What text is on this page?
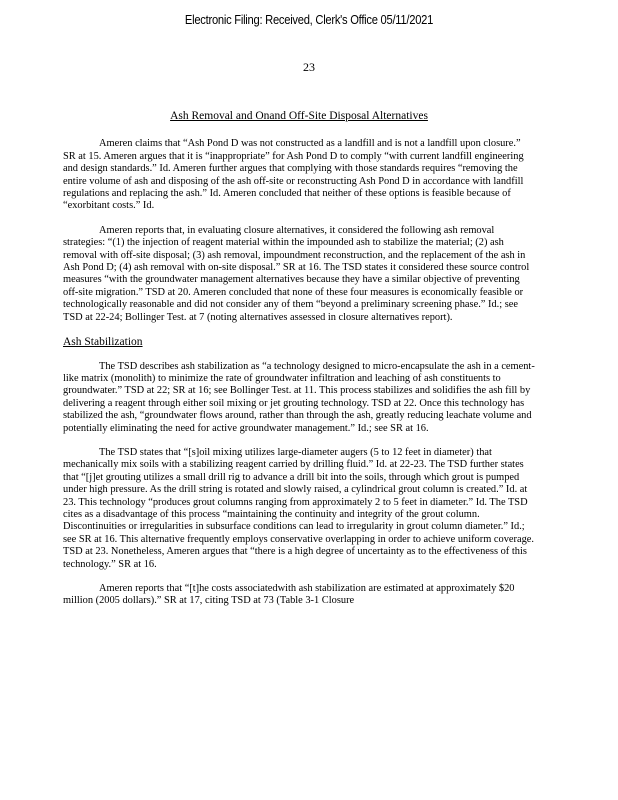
Electronic Filing: Received, Clerk's Office 05/11/2021
23
Ash Removal and Onand Off-Site Disposal Alternatives

Ameren claims that “Ash Pond D was not constructed as a landfill and is not a landfill upon closure.” SR at 15. Ameren argues that it is “inappropriate” for Ash Pond D to comply “with current landfill engineering and design standards.” Id. Ameren further argues that complying with those standards requires “removing the entire volume of ash and disposing of the ash off-site or reconstructing Ash Pond D in accordance with landfill regulations and replacing the ash.” Id. Ameren concluded that neither of these options is feasible because of “exorbitant costs.” Id.

Ameren reports that, in evaluating closure alternatives, it considered the following ash removal strategies: “(1) the injection of reagent material within the impounded ash to stabilize the material; (2) ash removal with off-site disposal; (3) ash removal, impoundment reconstruction, and the replacement of the ash in Ash Pond D; (4) ash removal with on-site disposal.” SR at 16. The TSD states it considered these source control measures “with the groundwater management alternatives because they have a similar objective of preventing off-site migration.” TSD at 20. Ameren concluded that none of these four measures is economically feasible or technologically reasonable and did not consider any of them “beyond a preliminary screening phase.” Id.; see TSD at 22-24; Bollinger Test. at 7 (noting alternatives assessed in closure alternatives report).

Ash Stabilization

The TSD describes ash stabilization as “a technology designed to micro-encapsulate the ash in a cement-like matrix (monolith) to minimize the rate of groundwater infiltration and leaching of ash constituents to groundwater.” TSD at 22; SR at 16; see Bollinger Test. at 11. This process stabilizes and solidifies the ash fill by delivering a reagent through either soil mixing or jet grouting technology. TSD at 22. Once this technology has stabilized the ash, “groundwater flows around, rather than through the ash, greatly reducing leachate volume and potentially eliminating the need for active groundwater management.” Id.; see SR at 16.

The TSD states that “[s]oil mixing utilizes large-diameter augers (5 to 12 feet in diameter) that mechanically mix soils with a stabilizing reagent carried by drilling fluid.” Id. at 22-23. The TSD further states that “[j]et grouting utilizes a small drill rig to advance a drill bit into the soils, through which grout is pumped under high pressure. As the drill string is rotated and slowly raised, a cylindrical grout column is created.” Id. at 23. This technology “produces grout columns ranging from approximately 2 to 5 feet in diameter.” Id. The TSD cites as a disadvantage of this process “maintaining the continuity and integrity of the grout column. Discontinuities or irregularities in subsurface conditions can lead to irregularity in grout column diameter.” Id.; see SR at 16. This alternative frequently employs conservative overlapping in order to achieve uniform coverage. TSD at 23. Nonetheless, Ameren argues that “there is a high degree of uncertainty as to the effectiveness of this technology.” SR at 16.

Ameren reports that “[t]he costs associatedwith ash stabilization are estimated at approximately $20 million (2005 dollars).” SR at 17, citing TSD at 73 (Table 3-1 Closure
